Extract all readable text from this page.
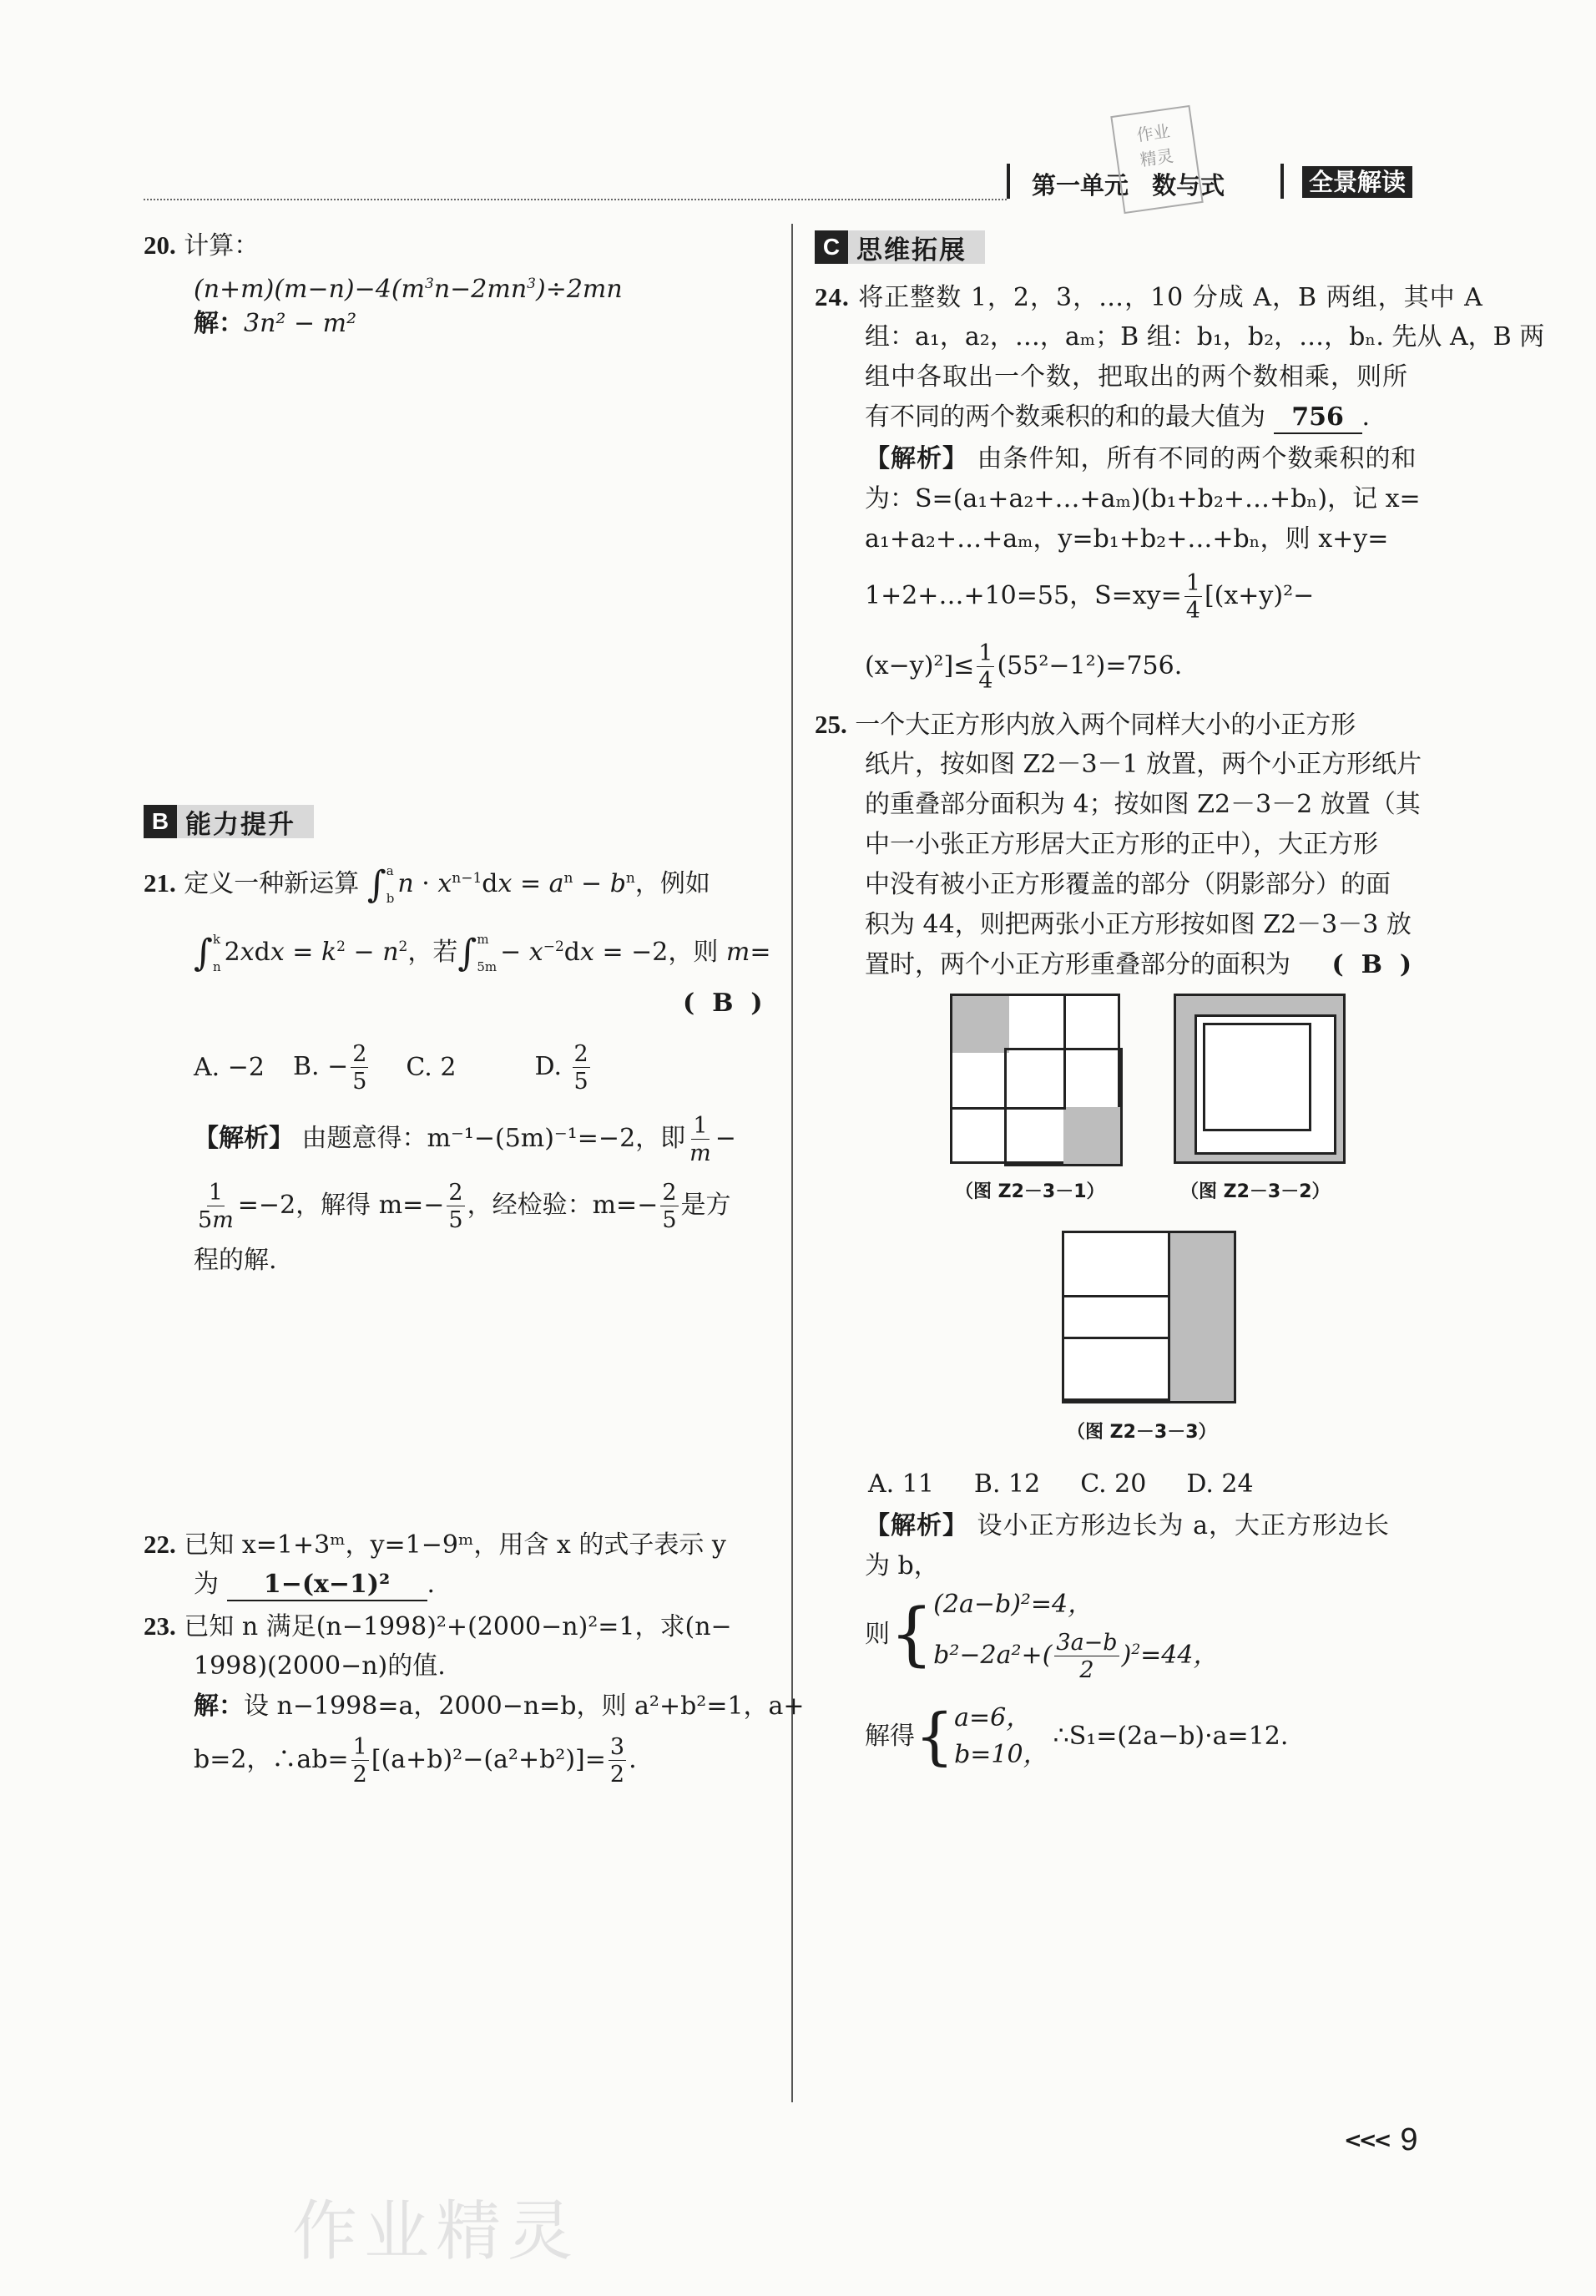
第一单元 数与式	全景解读
作业
精灵
20. 计算：
$(n+m)(m-n)-4(m^3n-2mn^3)\div 2mn$
解：3n² − m²
B 能力提升
21. 定义一种新运算 ∫ a
b $n \cdot x^{n-1}dx = a^n - b^n$，例如
∫ k
n $2xdx = k^2 - n^2$，若∫ m
$5m - x^{-2}dx = -2$，则 m=
(  B  )
A. −2 B. − $\frac{2}{5} C$. 2	D. $\frac{2}{5}$
【解析】 由题意得：m⁻¹−(5m)⁻¹=−2，即 $\frac{1}{m}$ −
$\frac{1}{5m} =-2$，解得 $m=- \frac{2}{5}$ ，经检验：$m=- \frac{2}{5}$ 是方
程的解.
22. 已知 x=1+3ᵐ，y=1−9ᵐ，用含 x 的式子表示 y
为 1−(x−1)² .
23. 已知 n 满足(n−1998)²+(2000−n)²=1，求(n−
1998)(2000−n)的值.
解：设 n−1998=a，2000−n=b，则 a²+b²=1，a+
b=2，∴ab= $\frac{1}{2} [(a+b)^2-(a^2+b^2)]= \frac{3}{2}$ .
C 思维拓展
24. 将正整数 1，2，3，…，10 分成 A，B 两组，其中 A
组：a₁，a₂，…，aₘ；B 组：b₁，b₂，…，bₙ. 先从 A，B 两
组中各取出一个数，把取出的两个数相乘，则所
有不同的两个数乘积的和的最大值为 756 .
【解析】 由条件知，所有不同的两个数乘积的和
为：S=(a₁+a₂+…+aₘ)(b₁+b₂+…+bₙ)，记 x=
a₁+a₂+…+aₘ，y=b₁+b₂+…+bₙ，则 x+y=
1+2+…+10=55，$S=xy= \frac{1}{4} [(x+y)^2-$
$(x-y)^2]\le \frac{1}{4} (55^2-1^2)=756$.
25. 一个大正方形内放入两个同样大小的小正方形
纸片，按如图 Z2－3－1 放置，两个小正方形纸片
的重叠部分面积为 4；按如图 Z2－3－2 放置（其
中一小张正方形居大正方形的正中），大正方形
中没有被小正方形覆盖的部分（阴影部分）的面
积为 44，则把两张小正方形按如图 Z2－3－3 放
置时，两个小正方形重叠部分的面积为 (  B  )
（图 Z2－3－1）	（图 Z2－3－2）
（图 Z2－3－3）
A. 11 B. 12 C. 20 D. 24
【解析】 设小正方形边长为 a，大正方形边长
为 b，
则 { (2a−b)²=4，
$b^2-2a^2+( \frac{3a-b}{2} )^2=44$，
解得 { a=6，
b=10，
∴S₁=(2a−b)·a=12.
<<< 9
作业精灵
